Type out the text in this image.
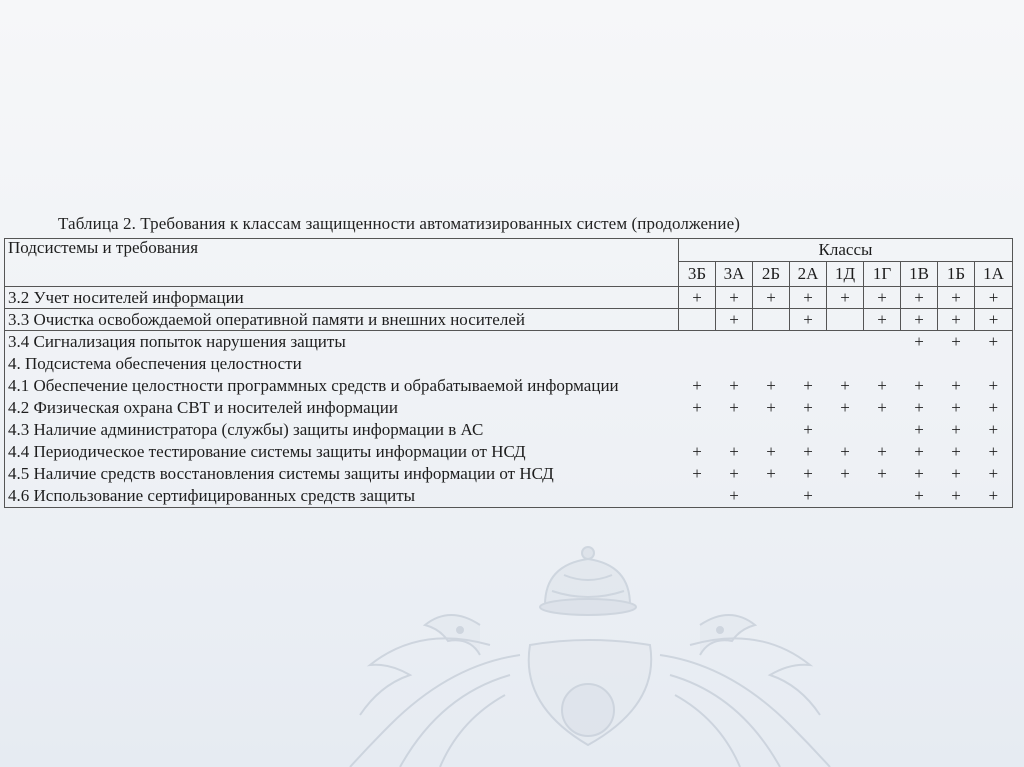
Таблица 2. Требования к классам защищенности автоматизированных систем (продолжение)
Подсистемы и требования	Классы								
	3Б	3А	2Б	2А	1Д	1Г	1В	1Б	1А
3.2 Учет носителей информации	+	+	+	+	+	+	+	+	+
3.3 Очистка освобождаемой оперативной памяти и внешних носителей		+		+		+	+	+	+
3.4 Сигнализация попыток нарушения защиты							+	+	+
4. Подсистема обеспечения целостности									
4.1 Обеспечение целостности программных средств и обрабатываемой информации	+	+	+	+	+	+	+	+	+
4.2 Физическая охрана СВТ и носителей информации	+	+	+	+	+	+	+	+	+
4.3 Наличие администратора (службы) защиты информации в АС				+			+	+	+
4.4 Периодическое тестирование системы защиты информации от НСД	+	+	+	+	+	+	+	+	+
4.5 Наличие средств восстановления системы защиты информации от НСД	+	+	+	+	+	+	+	+	+
4.6 Использование сертифицированных средств защиты		+		+			+	+	+
